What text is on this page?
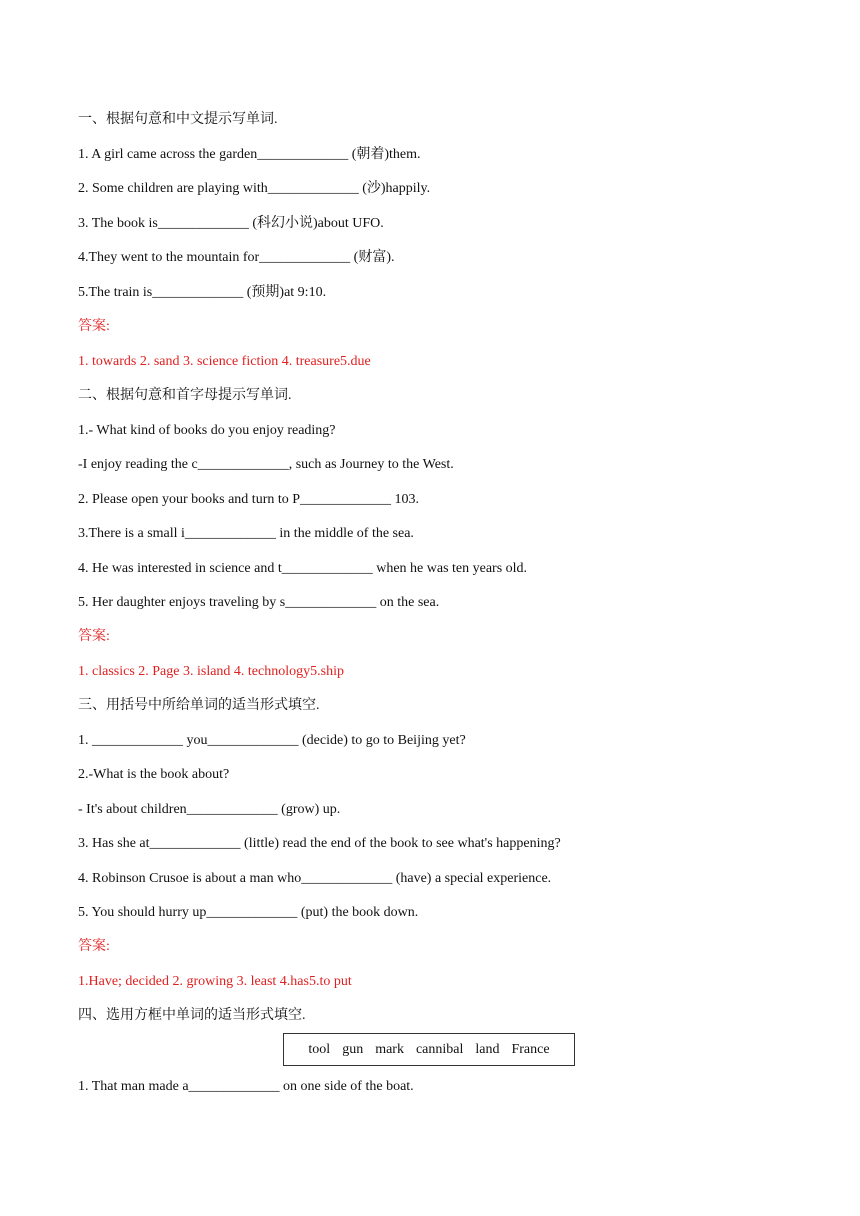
一、根据句意和中文提示写单词.
1. A girl came across the garden_____________ (朝着)them.
2. Some children are playing with_____________ (沙)happily.
3. The book is_____________ (科幻小说)about UFO.
4.They went to the mountain for_____________ (财富).
5.The train is_____________ (预期)at 9:10.
答案:
1. towards 2. sand 3. science fiction 4. treasure5.due
二、根据句意和首字母提示写单词.
1.- What kind of books do you enjoy reading?
-I enjoy reading the c_____________, such as Journey to the West.
2. Please open your books and turn to P_____________ 103.
3.There is a small i_____________ in the middle of the sea.
4. He was interested in science and t_____________ when he was ten years old.
5. Her daughter enjoys traveling by s_____________ on the sea.
答案:
1. classics 2. Page 3. island 4. technology5.ship
三、用括号中所给单词的适当形式填空.
1. _____________ you_____________ (decide) to go to Beijing yet?
2.-What is the book about?
- It's about children_____________ (grow) up.
3. Has she at_____________ (little) read the end of the book to see what's happening?
4. Robinson Crusoe is about a man who_____________ (have) a special experience.
5. You should hurry up_____________ (put) the book down.
答案:
1.Have; decided 2. growing 3. least 4.has5.to put
四、选用方框中单词的适当形式填空.
tool gun mark cannibal land France
1. That man made a_____________ on one side of the boat.
